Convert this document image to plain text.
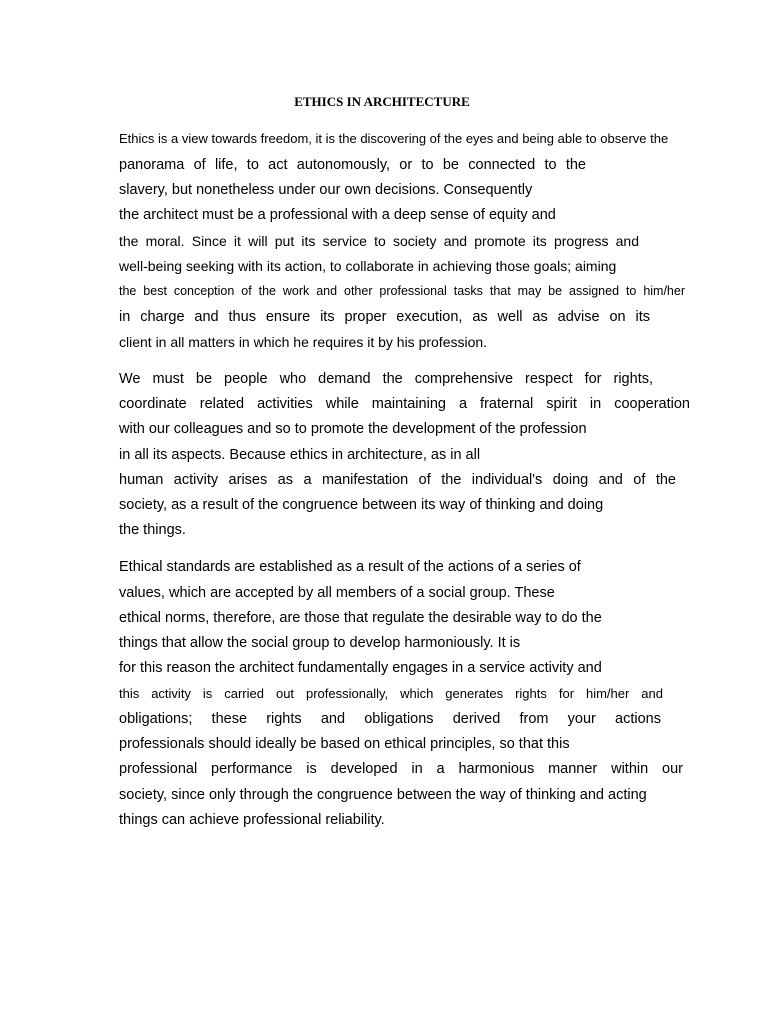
ETHICS IN ARCHITECTURE
Ethics is a view towards freedom, it is the discovering of the eyes and being able to observe the
panorama of life, to act autonomously, or to be connected to the
slavery, but nonetheless under our own decisions. Consequently
the architect must be a professional with a deep sense of equity and
the moral. Since it will put its service to society and promote its progress and
well-being seeking with its action, to collaborate in achieving those goals; aiming
the best conception of the work and other professional tasks that may be assigned to him/her
in charge and thus ensure its proper execution, as well as advise on its
client in all matters in which he requires it by his profession.
We must be people who demand the comprehensive respect for rights,
coordinate related activities while maintaining a fraternal spirit in cooperation
with our colleagues and so to promote the development of the profession
in all its aspects. Because ethics in architecture, as in all
human activity arises as a manifestation of the individual's doing and of the
society, as a result of the congruence between its way of thinking and doing
the things.
Ethical standards are established as a result of the actions of a series of
values, which are accepted by all members of a social group. These
ethical norms, therefore, are those that regulate the desirable way to do the
things that allow the social group to develop harmoniously. It is
for this reason the architect fundamentally engages in a service activity and
this activity is carried out professionally, which generates rights for him/her and
obligations; these rights and obligations derived from your actions
professionals should ideally be based on ethical principles, so that this
professional performance is developed in a harmonious manner within our
society, since only through the congruence between the way of thinking and acting
things can achieve professional reliability.
